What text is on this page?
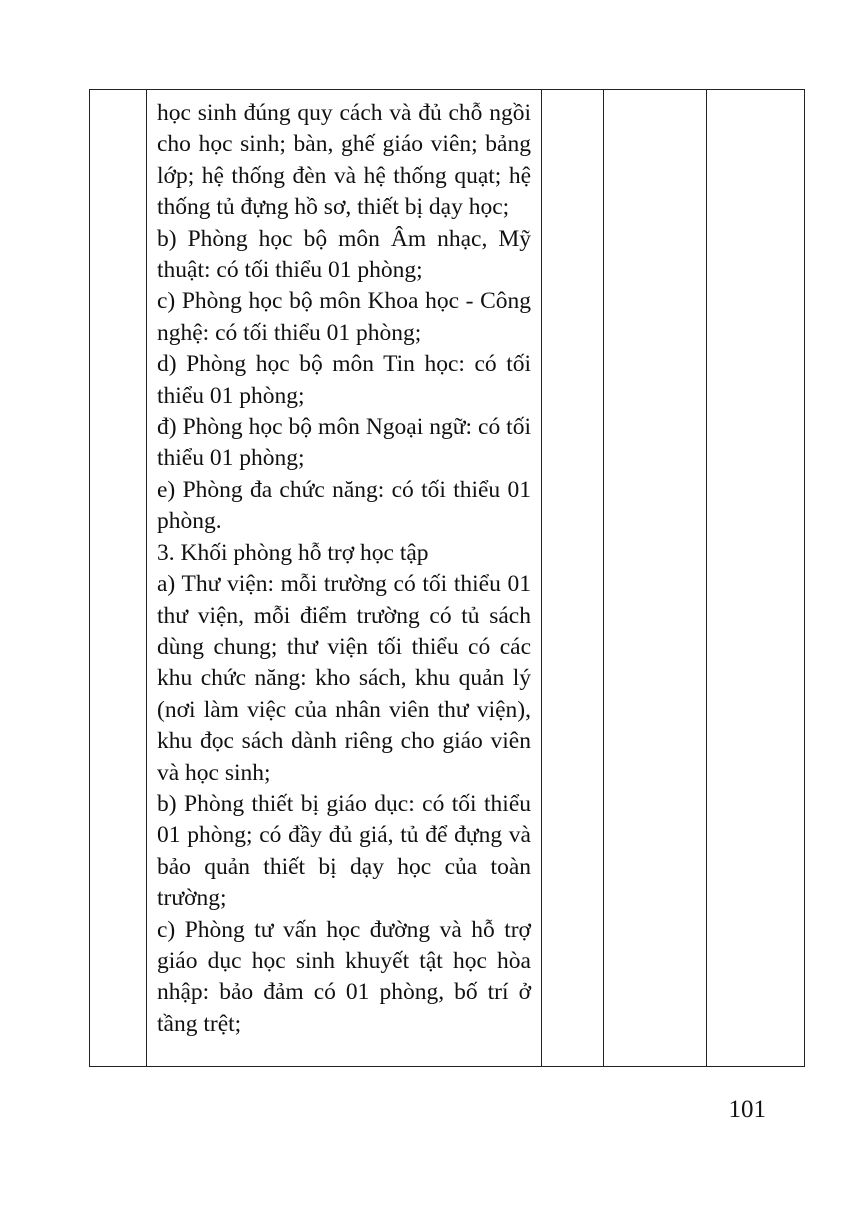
học sinh đúng quy cách và đủ chỗ ngồi cho học sinh; bàn, ghế giáo viên; bảng lớp; hệ thống đèn và hệ thống quạt; hệ thống tủ đựng hồ sơ, thiết bị dạy học;

b) Phòng học bộ môn Âm nhạc, Mỹ thuật: có tối thiểu 01 phòng;

c) Phòng học bộ môn Khoa học - Công nghệ: có tối thiểu 01 phòng;

d) Phòng học bộ môn Tin học: có tối thiểu 01 phòng;

đ) Phòng học bộ môn Ngoại ngữ: có tối thiểu 01 phòng;

e) Phòng đa chức năng: có tối thiểu 01 phòng.

3. Khối phòng hỗ trợ học tập

a) Thư viện: mỗi trường có tối thiểu 01 thư viện, mỗi điểm trường có tủ sách dùng chung; thư viện tối thiểu có các khu chức năng: kho sách, khu quản lý (nơi làm việc của nhân viên thư viện), khu đọc sách dành riêng cho giáo viên và học sinh;

b) Phòng thiết bị giáo dục: có tối thiểu 01 phòng; có đầy đủ giá, tủ để đựng và bảo quản thiết bị dạy học của toàn trường;

c) Phòng tư vấn học đường và hỗ trợ giáo dục học sinh khuyết tật học hòa nhập: bảo đảm có 01 phòng, bố trí ở tầng trệt;

101
